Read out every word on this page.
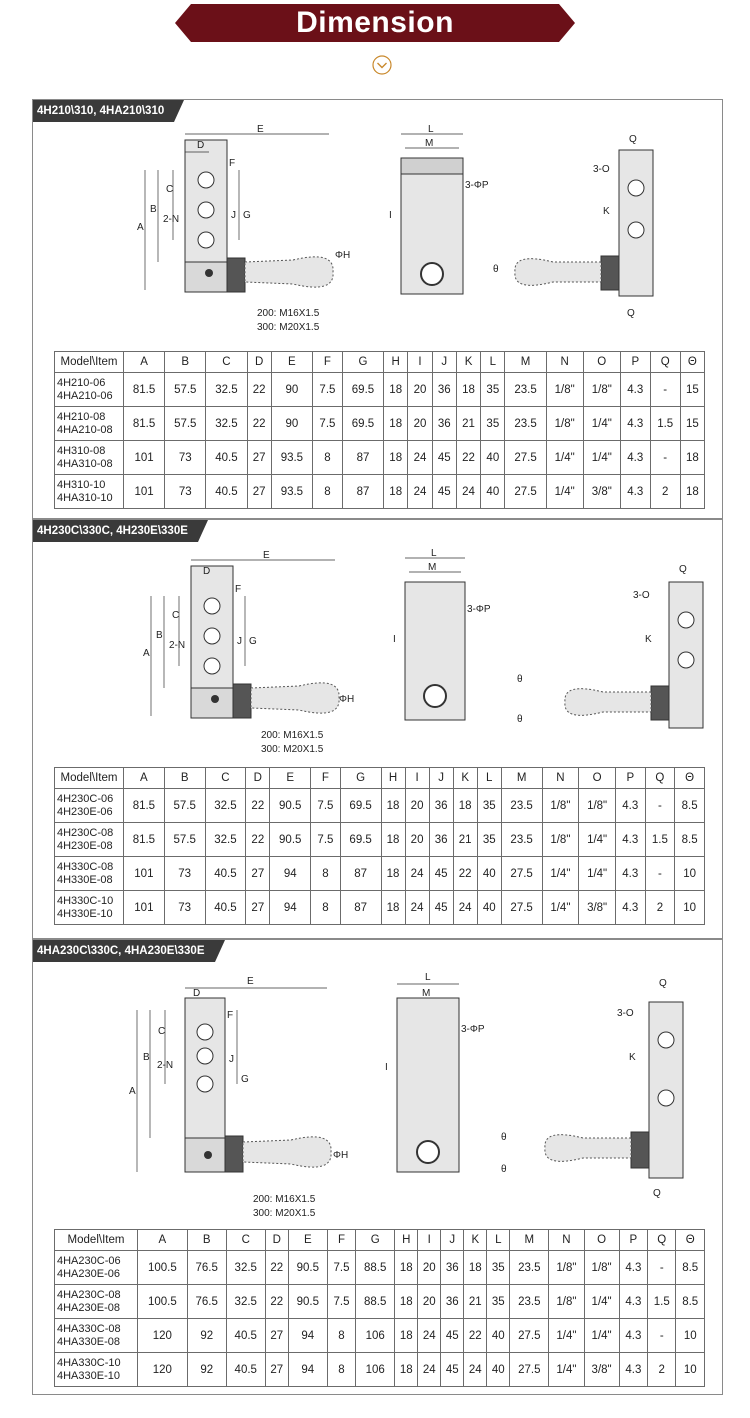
Dimension
4H210\310, 4HA210\310
E
D
F
C
B
A
2-N	J G
ΦH
200: M16X1.5
300: M20X1.5
L
M
3-ΦP
I
Q
3-O
K
θ
Q
Model\Item	A	B	C	D	E	F	G	H	I	J	K	L	M	N	O	P	Q	Θ
4H210-06
4HA210-06	81.5	57.5	32.5	22	90	7.5	69.5	18	20	36	18	35	23.5	1/8"	1/8"	4.3	-	15
4H210-08
4HA210-08	81.5	57.5	32.5	22	90	7.5	69.5	18	20	36	21	35	23.5	1/8"	1/4"	4.3	1.5	15
4H310-08
4HA310-08	101	73	40.5	27	93.5	8	87	18	24	45	22	40	27.5	1/4"	1/4"	4.3	-	18
4H310-10
4HA310-10	101	73	40.5	27	93.5	8	87	18	24	45	24	40	27.5	1/4"	3/8"	4.3	2	18
4H230C\330C, 4H230E\330E
E
D
F
C
B
A
2-N	J G
ΦH
200: M16X1.5
300: M20X1.5
L
M
3-ΦP
I
Q
3-O
K
θ
θ
Model\Item	A	B	C	D	E	F	G	H	I	J	K	L	M	N	O	P	Q	Θ
4H230C-06
4H230E-06	81.5	57.5	32.5	22	90.5	7.5	69.5	18	20	36	18	35	23.5	1/8"	1/8"	4.3	-	8.5
4H230C-08
4H230E-08	81.5	57.5	32.5	22	90.5	7.5	69.5	18	20	36	21	35	23.5	1/8"	1/4"	4.3	1.5	8.5
4H330C-08
4H330E-08	101	73	40.5	27	94	8	87	18	24	45	22	40	27.5	1/4"	1/4"	4.3	-	10
4H330C-10
4H330E-10	101	73	40.5	27	94	8	87	18	24	45	24	40	27.5	1/4"	3/8"	4.3	2	10
4HA230C\330C, 4HA230E\330E
E
D
F
C
B
A
2-N
J
G
ΦH
200: M16X1.5
300: M20X1.5
L
M
3-ΦP
I
Q
3-O
K
θ
θ
Q
Model\Item	A	B	C	D	E	F	G	H	I	J	K	L	M	N	O	P	Q	Θ
4HA230C-06
4HA230E-06	100.5	76.5	32.5	22	90.5	7.5	88.5	18	20	36	18	35	23.5	1/8"	1/8"	4.3	-	8.5
4HA230C-08
4HA230E-08	100.5	76.5	32.5	22	90.5	7.5	88.5	18	20	36	21	35	23.5	1/8"	1/4"	4.3	1.5	8.5
4HA330C-08
4HA330E-08	120	92	40.5	27	94	8	106	18	24	45	22	40	27.5	1/4"	1/4"	4.3	-	10
4HA330C-10
4HA330E-10	120	92	40.5	27	94	8	106	18	24	45	24	40	27.5	1/4"	3/8"	4.3	2	10
